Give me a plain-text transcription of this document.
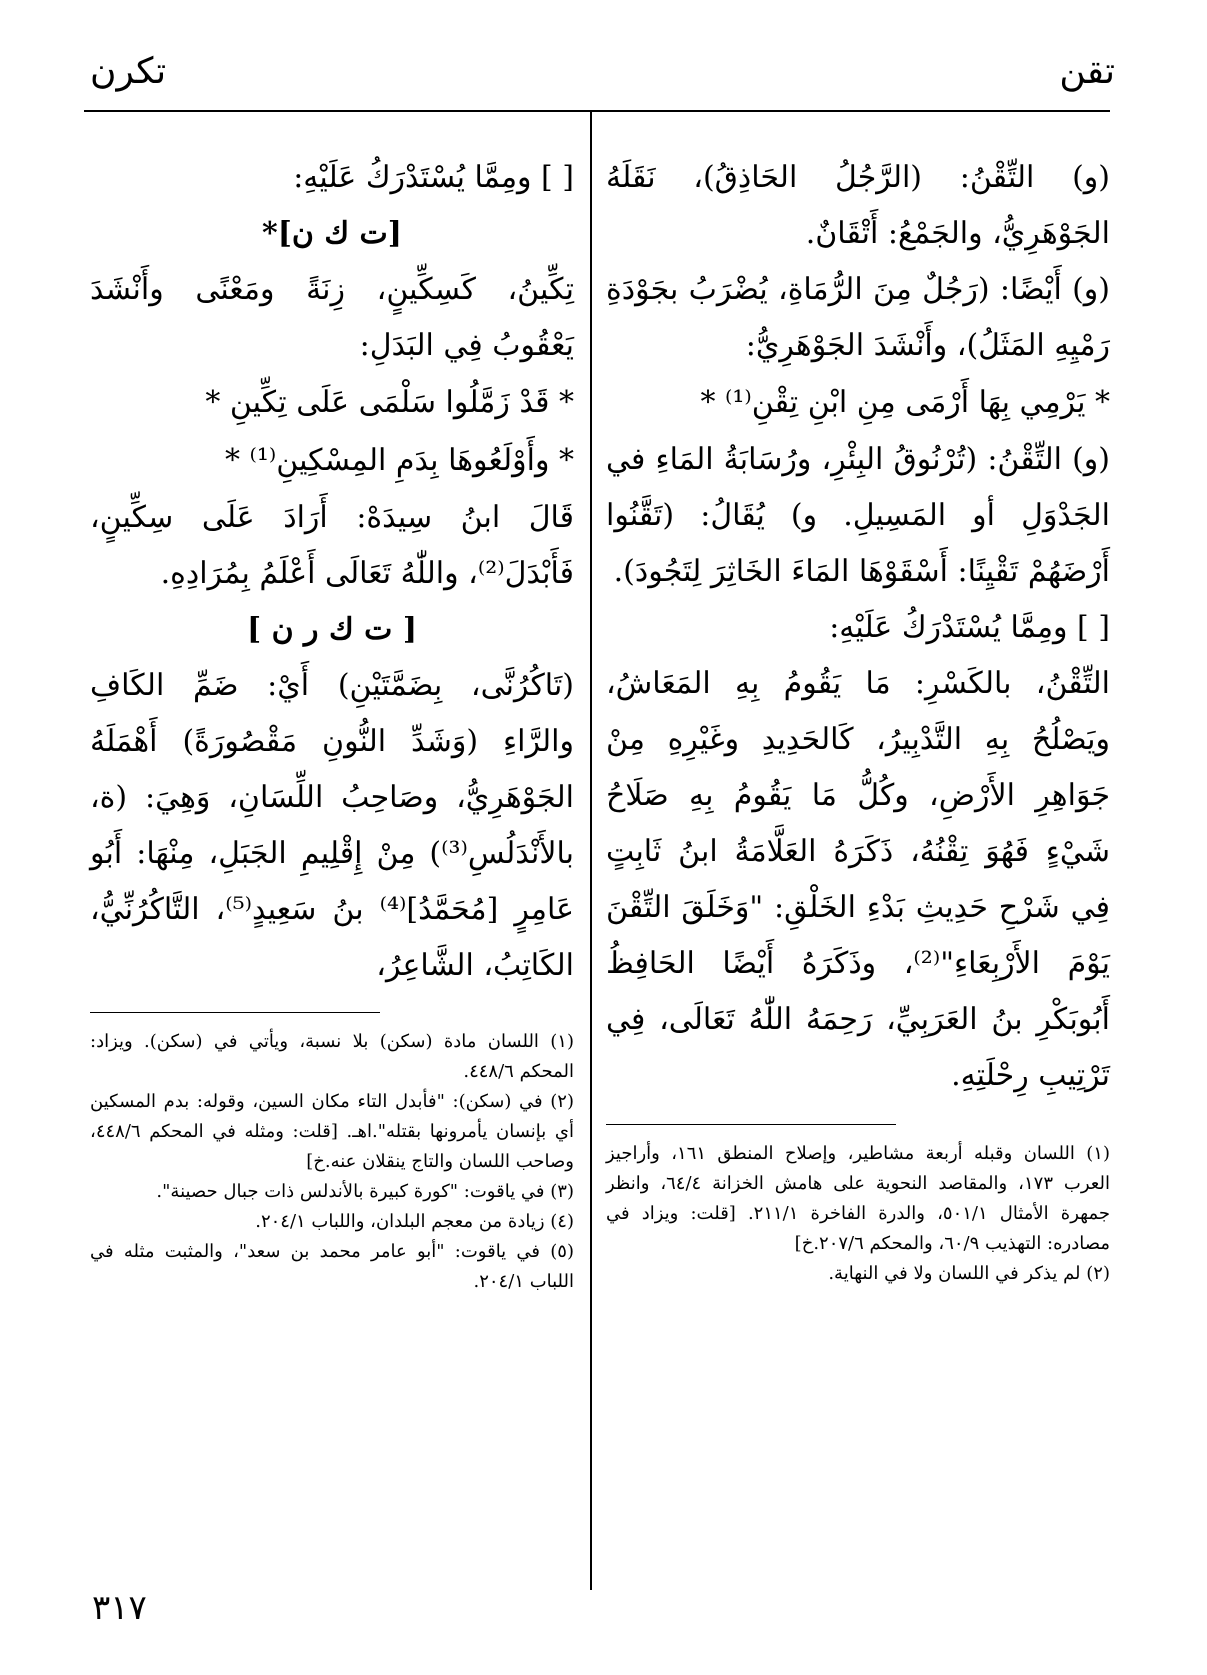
تقن
تكرن

(و) التِّقْنُ: (الرَّجُلُ الحَاذِقُ)، نَقَلَهُ الجَوْهَرِيُّ، والجَمْعُ: أَتْقَانٌ.

(و) أَيْضًا: (رَجُلٌ مِنَ الرُّمَاةِ، يُضْرَبُ بجَوْدَةِ رَمْيِهِ المَثَلُ)، وأَنْشَدَ الجَوْهَرِيُّ:

* يَرْمِي بِهَا أَرْمَى مِنِ ابْنِ تِقْنِ⁽¹⁾ *

(و) التِّقْنُ: (تُرْنُوقُ البِئْرِ، ورُسَابَةُ المَاءِ في الجَدْوَلِ أو المَسِيلِ. و) يُقَالُ: (تَقَّنُوا أَرْضَهُمْ تَقْيِنًا: أَسْقَوْهَا المَاءَ الخَاثِرَ لِتَجُودَ).

[ ] ومِمَّا يُسْتَدْرَكُ عَلَيْهِ:

التِّقْنُ، بالكَسْرِ: مَا يَقُومُ بِهِ المَعَاشُ، ويَصْلُحُ بِهِ التَّدْبِيرُ، كَالحَدِيدِ وغَيْرِهِ مِنْ جَوَاهِرِ الأَرْضِ، وكُلُّ مَا يَقُومُ بِهِ صَلَاحُ شَيْءٍ فَهُوَ تِقْنُهُ، ذَكَرَهُ العَلَّامَةُ ابنُ ثَابِتٍ فِي شَرْحِ حَدِيثِ بَدْءِ الخَلْقِ: "وَخَلَقَ التِّقْنَ يَوْمَ الأَرْبِعَاءِ"⁽²⁾، وذَكَرَهُ أَيْضًا الحَافِظُ أَبُوبَكْرِ بنُ العَرَبِيِّ، رَحِمَهُ اللّٰهُ تَعَالَى، فِي تَرْتِيبِ رِحْلَتِهِ.

(١) اللسان وقبله أربعة مشاطير، وإصلاح المنطق ١٦١، وأراجيز العرب ١٧٣، والمقاصد النحوية على هامش الخزانة ٦٤/٤، وانظر جمهرة الأمثال ٥٠١/١، والدرة الفاخرة ٢١١/١. [قلت: ويزاد في مصادره: التهذيب ٦٠/٩، والمحكم ٢٠٧/٦.خ]

(٢) لم يذكر في اللسان ولا في النهاية.

[ ] ومِمَّا يُسْتَدْرَكُ عَلَيْهِ:

[ت ك ن]*

تِكِّينُ، كَسِكِّينٍ، زِنَةً ومَعْنًى وأَنْشَدَ يَعْقُوبُ فِي البَدَلِ:

* قَدْ زَمَّلُوا سَلْمَى عَلَى تِكِّينِ *

* وأَوْلَعُوهَا بِدَمِ المِسْكِينِ⁽¹⁾ *

قَالَ ابنُ سِيدَهْ: أَرَادَ عَلَى سِكِّينٍ، فَأَبْدَلَ⁽²⁾، واللّٰهُ تَعَالَى أَعْلَمُ بِمُرَادِهِ.

[ ت ك ر ن ]

(تَاكُرُنَّى، بِضَمَّتَيْنِ) أَيْ: ضَمِّ الكَافِ والرَّاءِ (وَشَدِّ النُّونِ مَقْصُورَةً) أَهْمَلَهُ الجَوْهَرِيُّ، وصَاحِبُ اللِّسَانِ، وَهِيَ: (ة، بالأَنْدَلُسِ⁽³⁾) مِنْ إِقْلِيمِ الجَبَلِ، مِنْهَا: أَبُو عَامِرٍ [مُحَمَّدُ]⁽⁴⁾ بنُ سَعِيدٍ⁽⁵⁾، التَّاكُرُنِّيُّ، الكَاتِبُ، الشَّاعِرُ،

(١) اللسان مادة (سكن) بلا نسبة، ويأتي في (سكن). ويزاد: المحكم ٤٤٨/٦.

(٢) في (سكن): "فأبدل التاء مكان السين، وقوله: بدم المسكين أي بإنسان يأمرونها بقتله".اهـ. [قلت: ومثله في المحكم ٤٤٨/٦، وصاحب اللسان والتاج ينقلان عنه.خ]

(٣) في ياقوت: "كورة كبيرة بالأندلس ذات جبال حصينة".

(٤) زيادة من معجم البلدان، واللباب ٢٠٤/١.

(٥) في ياقوت: "أبو عامر محمد بن سعد"، والمثبت مثله في اللباب ٢٠٤/١.

٣١٧
